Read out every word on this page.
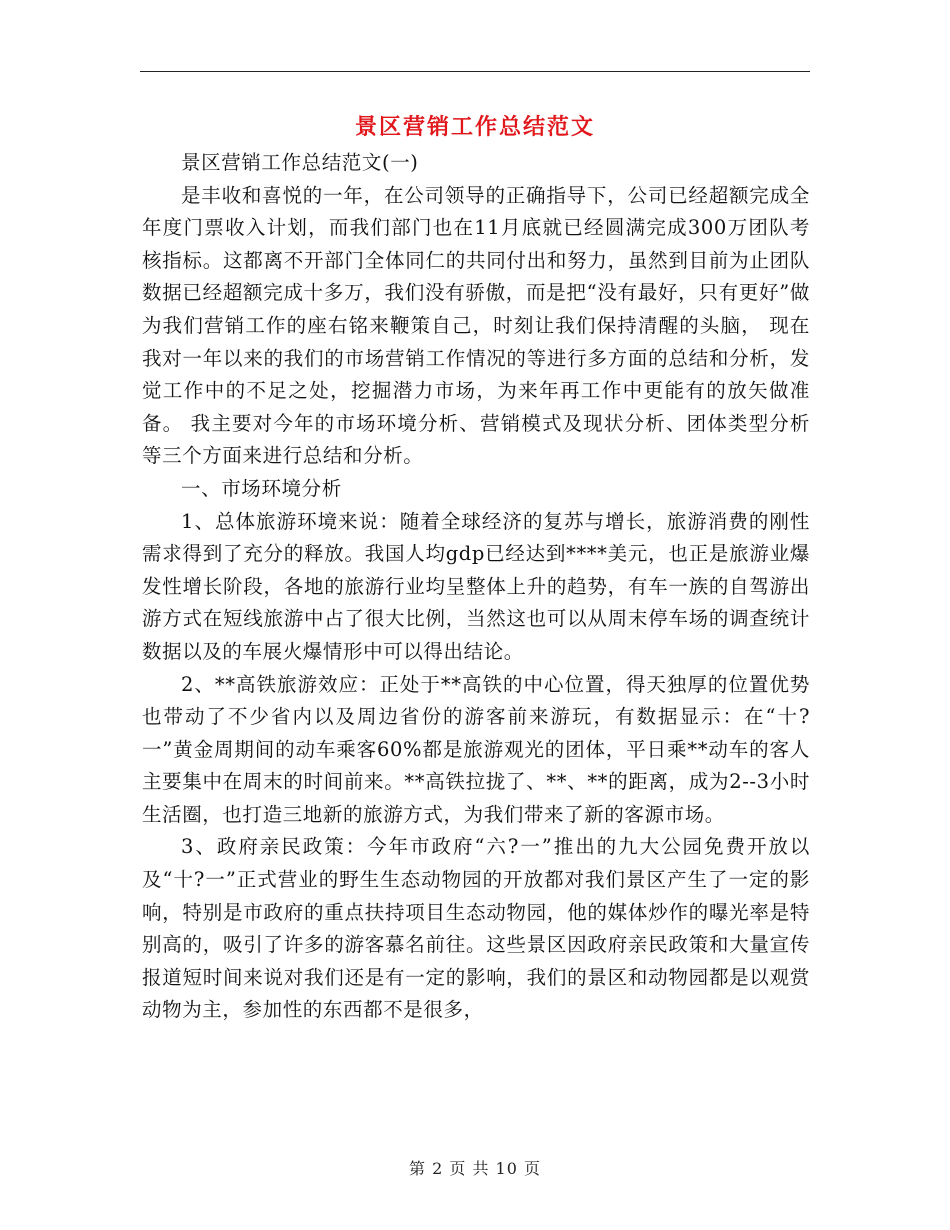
景区营销工作总结范文

景区营销工作总结范文(一)

是丰收和喜悦的一年，在公司领导的正确指导下，公司已经超额完成全年度门票收入计划，而我们部门也在11月底就已经圆满完成300万团队考核指标。这都离不开部门全体同仁的共同付出和努力，虽然到目前为止团队数据已经超额完成十多万，我们没有骄傲，而是把“没有最好，只有更好”做为我们营销工作的座右铭来鞭策自己，时刻让我们保持清醒的头脑， 现在我对一年以来的我们的市场营销工作情况的等进行多方面的总结和分析，发觉工作中的不足之处，挖掘潜力市场，为来年再工作中更能有的放矢做准备。 我主要对今年的市场环境分析、营销模式及现状分析、团体类型分析等三个方面来进行总结和分析。

一、市场环境分析

1、总体旅游环境来说：随着全球经济的复苏与增长，旅游消费的刚性需求得到了充分的释放。我国人均gdp已经达到****美元，也正是旅游业爆发性增长阶段，各地的旅游行业均呈整体上升的趋势，有车一族的自驾游出游方式在短线旅游中占了很大比例，当然这也可以从周末停车场的调查统计数据以及的车展火爆情形中可以得出结论。

2、**高铁旅游效应：正处于**高铁的中心位置，得天独厚的位置优势也带动了不少省内以及周边省份的游客前来游玩，有数据显示：在“十?一”黄金周期间的动车乘客60%都是旅游观光的团体，平日乘**动车的客人主要集中在周末的时间前来。**高铁拉拢了、**、**的距离，成为2--3小时生活圈，也打造三地新的旅游方式，为我们带来了新的客源市场。

3、政府亲民政策：今年市政府“六?一”推出的九大公园免费开放以及“十?一”正式营业的野生生态动物园的开放都对我们景区产生了一定的影响，特别是市政府的重点扶持项目生态动物园，他的媒体炒作的曝光率是特别高的，吸引了许多的游客慕名前往。这些景区因政府亲民政策和大量宣传报道短时间来说对我们还是有一定的影响，我们的景区和动物园都是以观赏动物为主，参加性的东西都不是很多，

第 2 页 共 10 页
